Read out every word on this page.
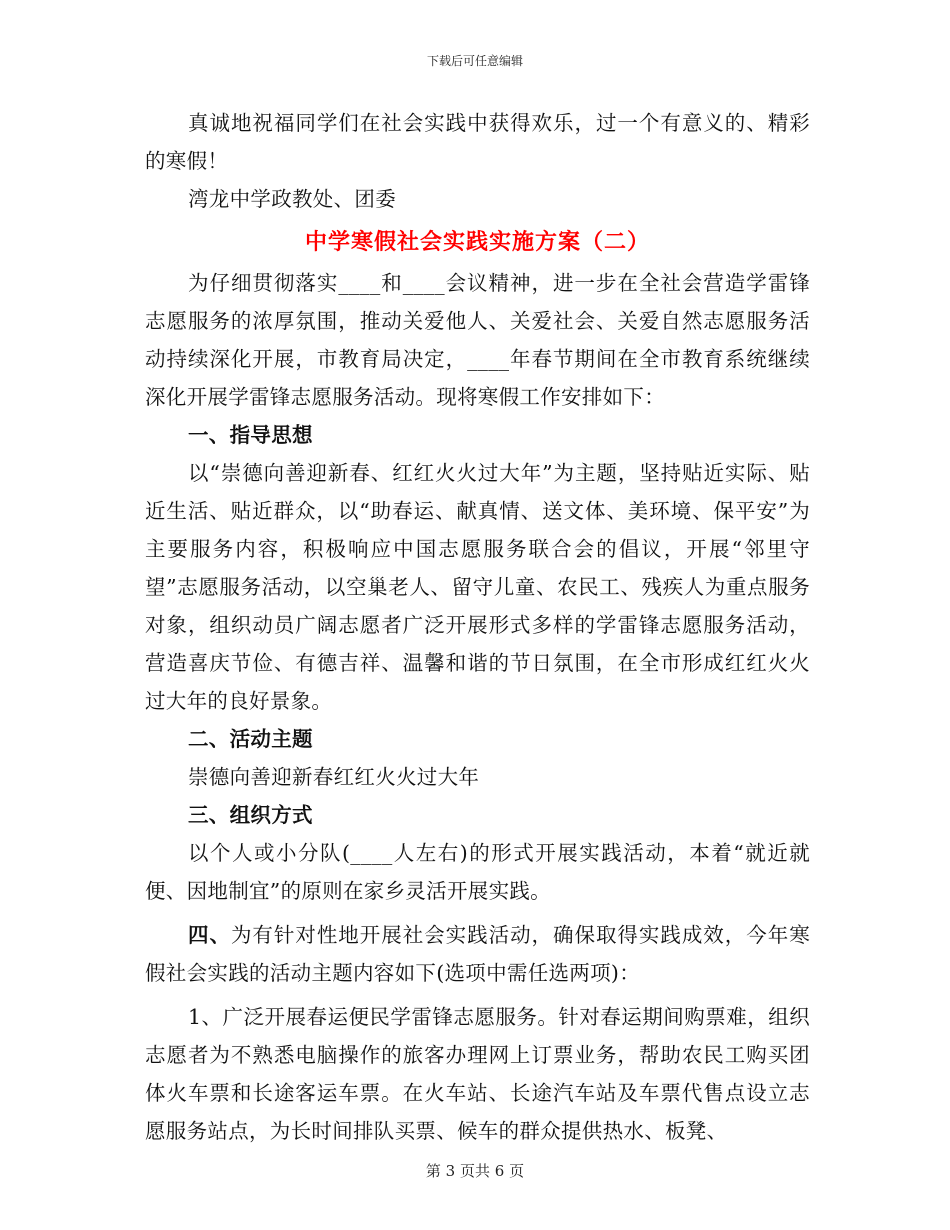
下载后可任意编辑

真诚地祝福同学们在社会实践中获得欢乐，过一个有意义的、精彩的寒假！

湾龙中学政教处、团委

中学寒假社会实践实施方案（二）

为仔细贯彻落实____和____会议精神，进一步在全社会营造学雷锋志愿服务的浓厚氛围，推动关爱他人、关爱社会、关爱自然志愿服务活动持续深化开展，市教育局决定，____年春节期间在全市教育系统继续深化开展学雷锋志愿服务活动。现将寒假工作安排如下：

一、指导思想

以“崇德向善迎新春、红红火火过大年”为主题，坚持贴近实际、贴近生活、贴近群众，以“助春运、献真情、送文体、美环境、保平安”为主要服务内容，积极响应中国志愿服务联合会的倡议，开展“邻里守望”志愿服务活动，以空巢老人、留守儿童、农民工、残疾人为重点服务对象，组织动员广阔志愿者广泛开展形式多样的学雷锋志愿服务活动，营造喜庆节俭、有德吉祥、温馨和谐的节日氛围，在全市形成红红火火过大年的良好景象。

二、活动主题

崇德向善迎新春红红火火过大年

三、组织方式

以个人或小分队(____人左右)的形式开展实践活动，本着“就近就便、因地制宜”的原则在家乡灵活开展实践。

四、为有针对性地开展社会实践活动，确保取得实践成效，今年寒假社会实践的活动主题内容如下(选项中需任选两项)：

1、广泛开展春运便民学雷锋志愿服务。针对春运期间购票难，组织志愿者为不熟悉电脑操作的旅客办理网上订票业务，帮助农民工购买团体火车票和长途客运车票。在火车站、长途汽车站及车票代售点设立志愿服务站点，为长时间排队买票、候车的群众提供热水、板凳、

第 3 页共 6 页
